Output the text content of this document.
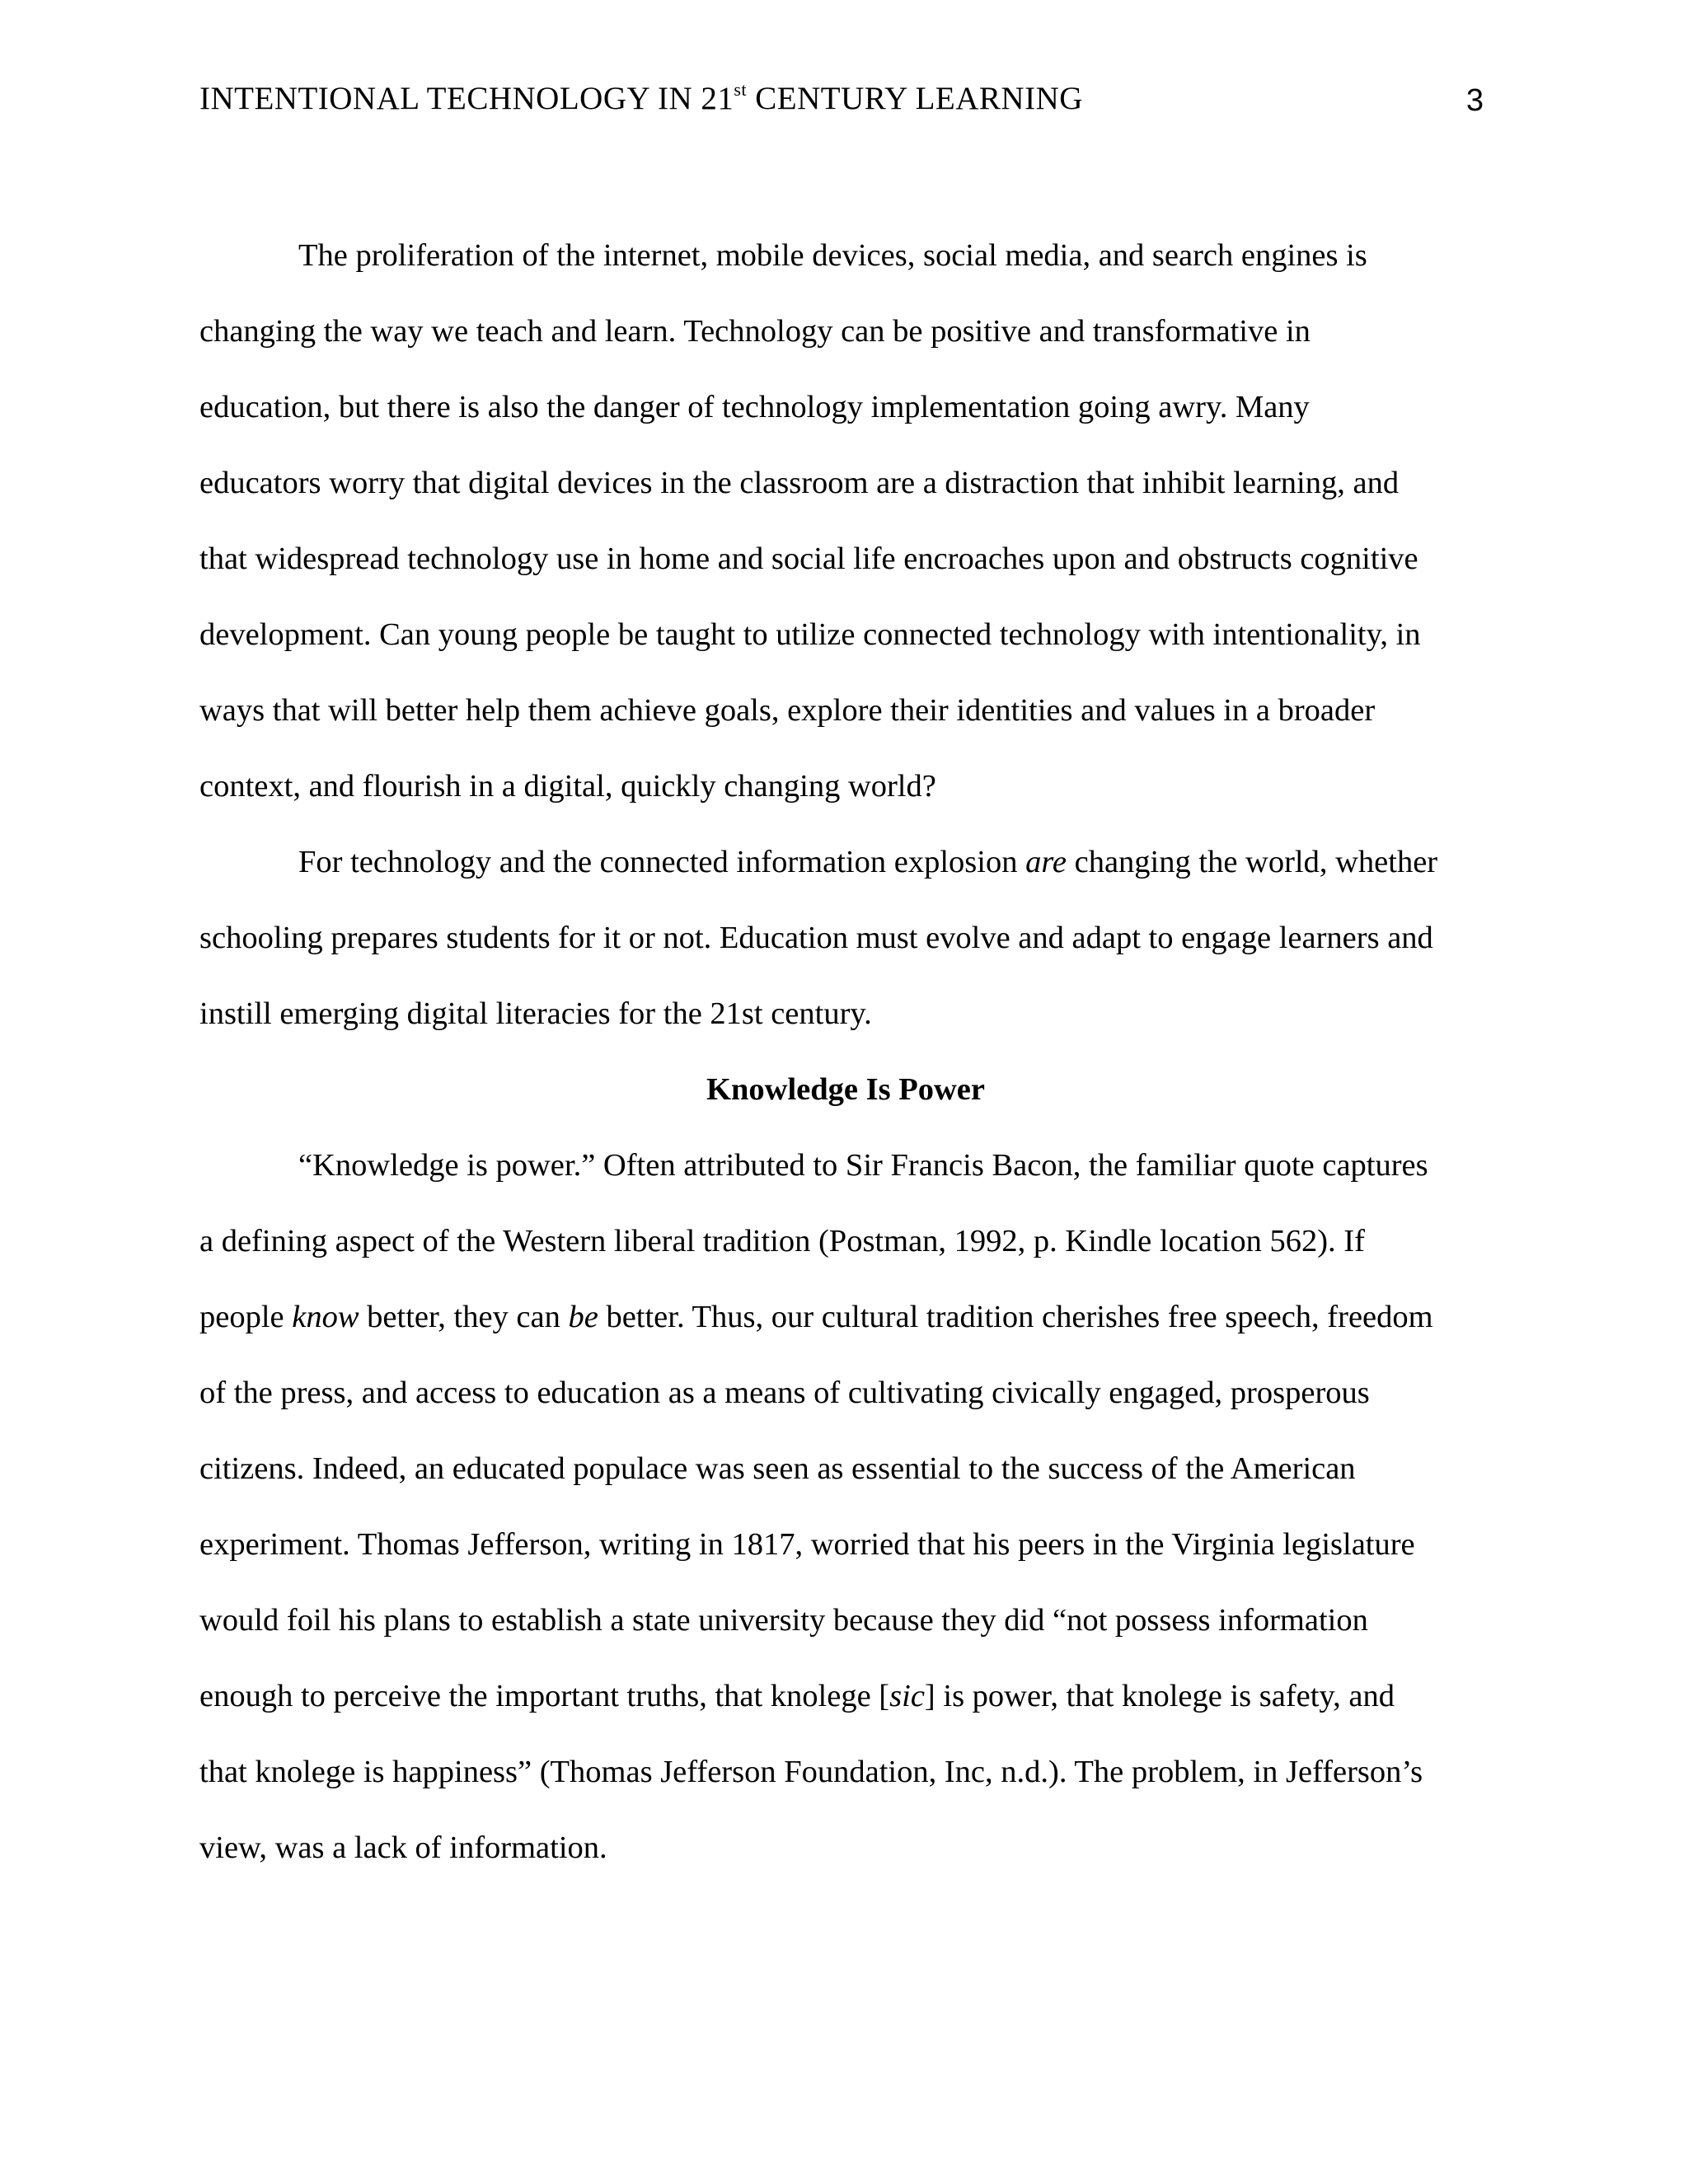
INTENTIONAL TECHNOLOGY IN 21st CENTURY LEARNING	3
The proliferation of the internet, mobile devices, social media, and search engines is
changing the way we teach and learn. Technology can be positive and transformative in
education, but there is also the danger of technology implementation going awry. Many
educators worry that digital devices in the classroom are a distraction that inhibit learning, and
that widespread technology use in home and social life encroaches upon and obstructs cognitive
development. Can young people be taught to utilize connected technology with intentionality, in
ways that will better help them achieve goals, explore their identities and values in a broader
context, and flourish in a digital, quickly changing world?
For technology and the connected information explosion are changing the world, whether
schooling prepares students for it or not. Education must evolve and adapt to engage learners and
instill emerging digital literacies for the 21st century.
Knowledge Is Power
“Knowledge is power.” Often attributed to Sir Francis Bacon, the familiar quote captures
a defining aspect of the Western liberal tradition (Postman, 1992, p. Kindle location 562). If
people know better, they can be better. Thus, our cultural tradition cherishes free speech, freedom
of the press, and access to education as a means of cultivating civically engaged, prosperous
citizens. Indeed, an educated populace was seen as essential to the success of the American
experiment. Thomas Jefferson, writing in 1817, worried that his peers in the Virginia legislature
would foil his plans to establish a state university because they did “not possess information
enough to perceive the important truths, that knolege [sic] is power, that knolege is safety, and
that knolege is happiness” (Thomas Jefferson Foundation, Inc, n.d.). The problem, in Jefferson’s
view, was a lack of information.
